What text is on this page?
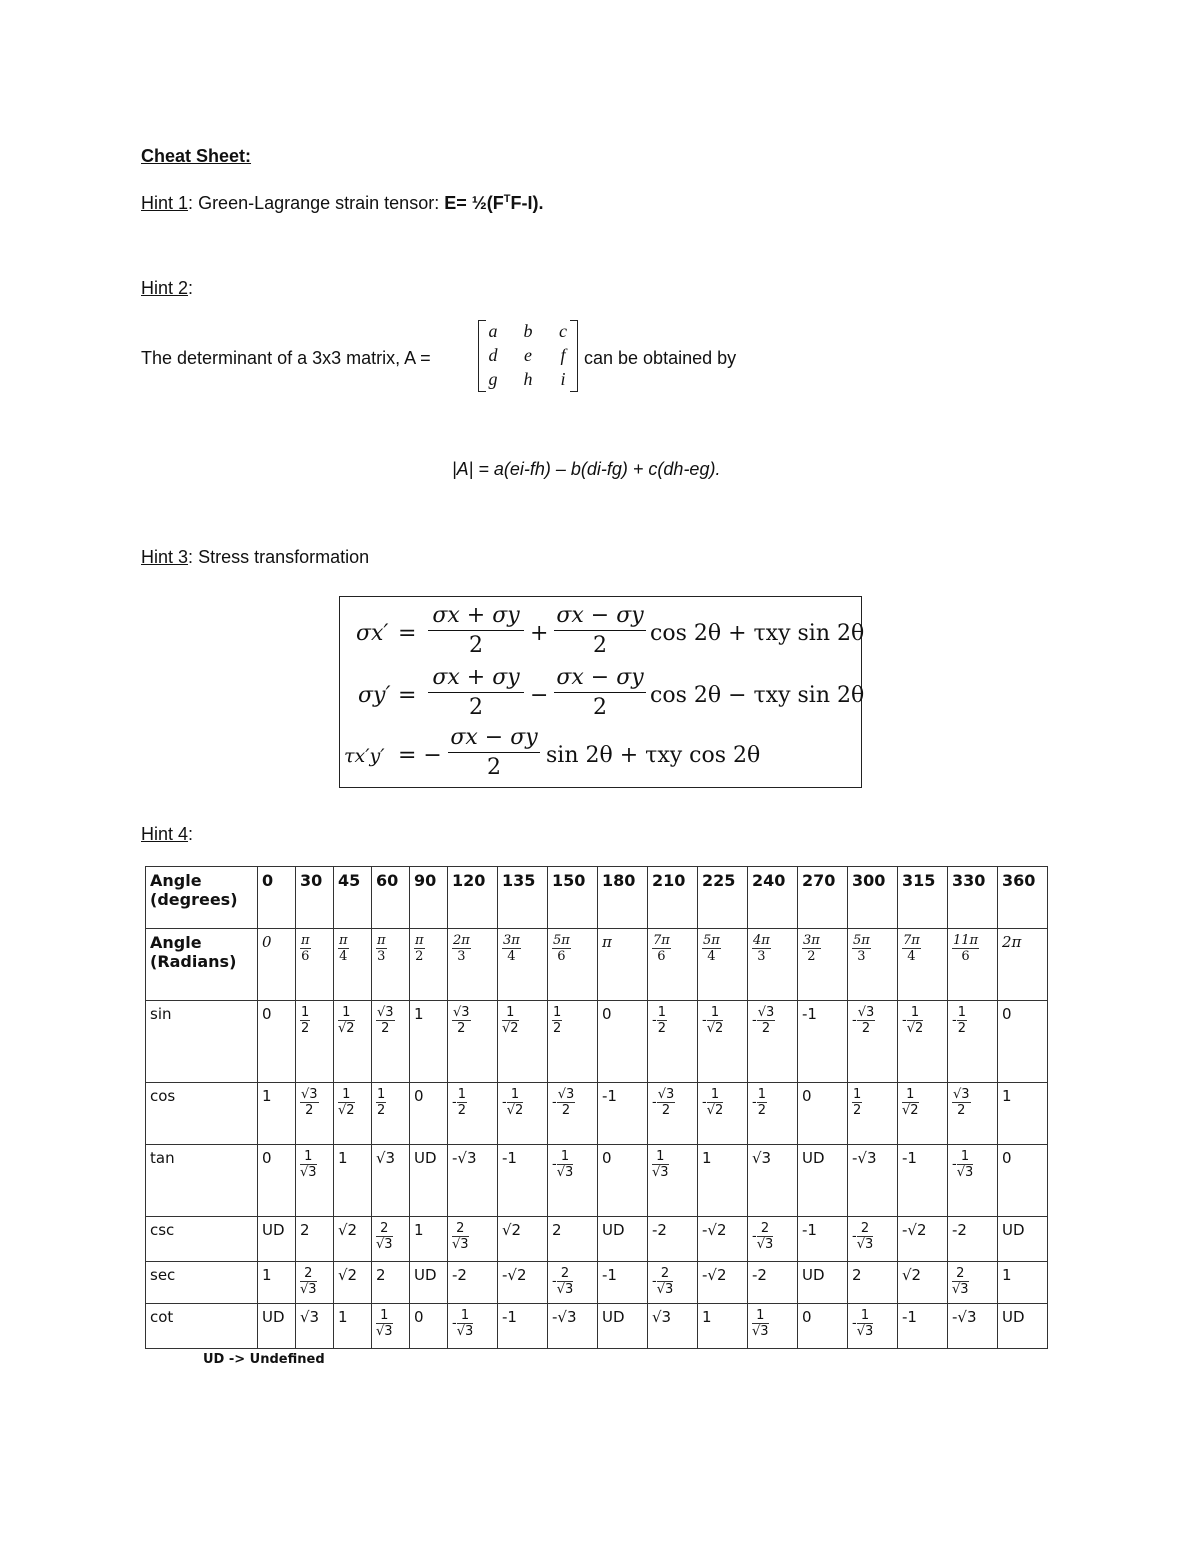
Cheat Sheet:
Hint 1: Green-Lagrange strain tensor: $E= \frac{1}{2}(F^TF-I)$.
Hint 2:
The determinant of a 3x3 matrix, A =
a	b	c
d	e	f
g	h	i
can be obtained by
|A| = a(ei-fh) – b(di-fg) + c(dh-eg).
Hint 3: Stress transformation
σx′ =
σx + σy
2	+
σx − σy
2	cos 2θ + τxy sin 2θ
σy′ =
σx + σy
2	−
σx − σy
2	cos 2θ − τxy sin 2θ
τx′y′ = −
σx − σy
2	sin 2θ + τxy cos 2θ
Hint 4:
Angle (degrees)	0	30	45	60	90	120	135	150	180	210	225	240	270	300	315	330	360
Angle (Radians)	0	$\frac{\pi}{6}$	$\frac{\pi}{4}$	$\frac{\pi}{3}$	$\frac{\pi}{2}$	$\frac{2\pi}{3}$	$\frac{3\pi}{4}$	$\frac{5\pi}{6}$	π	$\frac{7\pi}{6}$	$\frac{5\pi}{4}$	$\frac{4\pi}{3}$	$\frac{3\pi}{2}$	$\frac{5\pi}{3}$	$\frac{7\pi}{4}$	$\frac{11\pi}{6}$	2π
sin	0	$\frac{1}{2}$	$\frac{1}{√2}$	$\frac{√3}{2}$	1	$\frac{√3}{2}$	$\frac{1}{√2}$	$\frac{1}{2}$	0	- $\frac{1}{2}$	- $\frac{1}{√2}$	- $\frac{√3}{2}$	-1	- $\frac{√3}{2}$	- $\frac{1}{√2}$	- $\frac{1}{2}$	0
cos	1	$\frac{√3}{2}$	$\frac{1}{√2}$	$\frac{1}{2}$	0	- $\frac{1}{2}$	- $\frac{1}{√2}$	- $\frac{√3}{2}$	-1	- $\frac{√3}{2}$	- $\frac{1}{√2}$	- $\frac{1}{2}$	0	$\frac{1}{2}$	$\frac{1}{√2}$	$\frac{√3}{2}$	1
tan	0	$\frac{1}{√3}$	1	√3	UD	-√3	-1	- $\frac{1}{√3}$	0	$\frac{1}{√3}$	1	√3	UD	-√3	-1	- $\frac{1}{√3}$	0
csc	UD	2	√2	$\frac{2}{√3}$	1	$\frac{2}{√3}$	√2	2	UD	-2	-√2	- $\frac{2}{√3}$	-1	- $\frac{2}{√3}$	-√2	-2	UD
sec	1	$\frac{2}{√3}$	√2	2	UD	-2	-√2	- $\frac{2}{√3}$	-1	- $\frac{2}{√3}$	-√2	-2	UD	2	√2	$\frac{2}{√3}$	1
cot	UD	√3	1	$\frac{1}{√3}$	0	- $\frac{1}{√3}$	-1	-√3	UD	√3	1	$\frac{1}{√3}$	0	- $\frac{1}{√3}$	-1	-√3	UD
UD -> Undefined
